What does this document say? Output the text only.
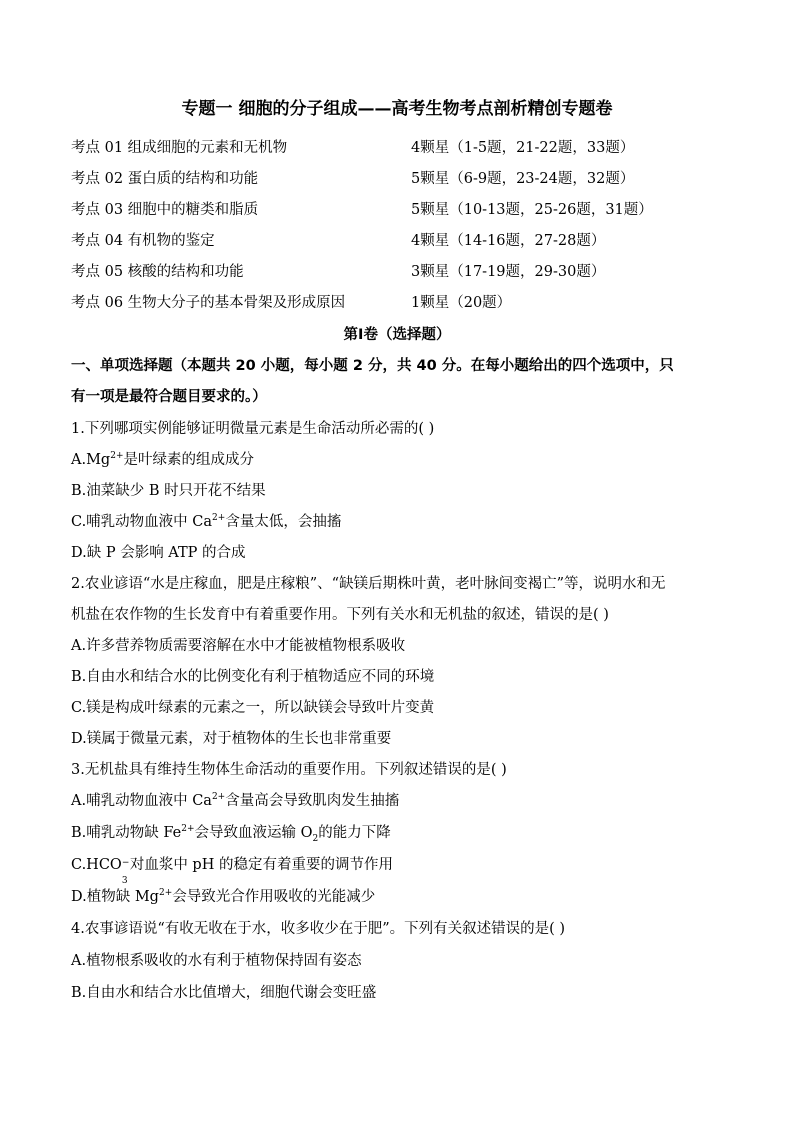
专题一 细胞的分子组成——高考生物考点剖析精创专题卷
考点 01 组成细胞的元素和无机物	4颗星（1-5题，21-22题，33题）
考点 02 蛋白质的结构和功能	5颗星（6-9题，23-24题，32题）
考点 03 细胞中的糖类和脂质	5颗星（10-13题，25-26题，31题）
考点 04 有机物的鉴定	4颗星（14-16题，27-28题）
考点 05 核酸的结构和功能	3颗星（17-19题，29-30题）
考点 06 生物大分子的基本骨架及形成原因	1颗星（20题）
第Ⅰ卷（选择题）
一、单项选择题（本题共 20 小题，每小题 2 分，共 40 分。在每小题给出的四个选项中，只
有一项是最符合题目要求的。）
1.下列哪项实例能够证明微量元素是生命活动所必需的( )
$A.Mg^{2+}$是叶绿素的组成成分
B.油菜缺少 B 时只开花不结果
C.哺乳动物血液中 $Ca^{2+}$含量太低，会抽搐
D.缺 P 会影响 ATP 的合成
2.农业谚语“水是庄稼血，肥是庄稼粮”、“缺镁后期株叶黄，老叶脉间变褐亡”等，说明水和无
机盐在农作物的生长发育中有着重要作用。下列有关水和无机盐的叙述，错误的是( )
A.许多营养物质需要溶解在水中才能被植物根系吸收
B.自由水和结合水的比例变化有利于植物适应不同的环境
C.镁是构成叶绿素的元素之一，所以缺镁会导致叶片变黄
D.镁属于微量元素，对于植物体的生长也非常重要
3.无机盐具有维持生物体生命活动的重要作用。下列叙述错误的是( )
A.哺乳动物血液中 $Ca^{2+}$含量高会导致肌肉发生抽搐
B.哺乳动物缺 $Fe^{2+}$会导致血液运输 $O_2$的能力下降
C.HCO −
3
对血浆中 pH 的稳定有着重要的调节作用
D.植物缺 $Mg^{2+}$会导致光合作用吸收的光能减少
4.农事谚语说“有收无收在于水，收多收少在于肥”。下列有关叙述错误的是( )
A.植物根系吸收的水有利于植物保持固有姿态
B.自由水和结合水比值增大，细胞代谢会变旺盛
